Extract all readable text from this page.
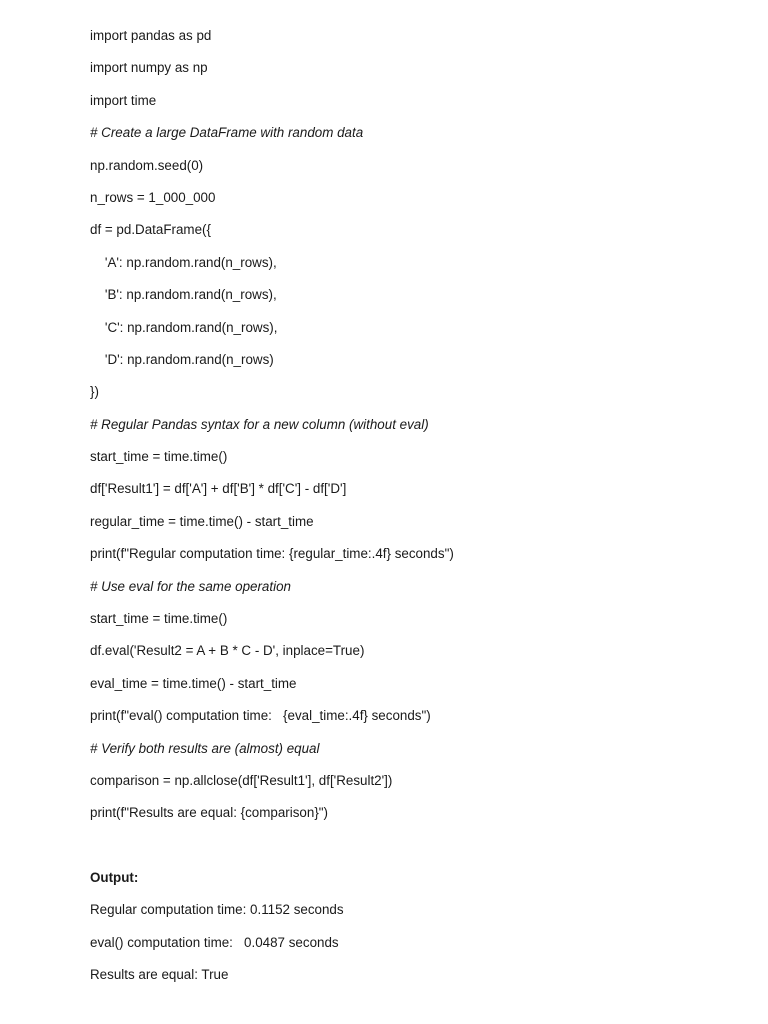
import pandas as pd
import numpy as np
import time
# Create a large DataFrame with random data
np.random.seed(0)
n_rows = 1_000_000
df = pd.DataFrame({
'A': np.random.rand(n_rows),
'B': np.random.rand(n_rows),
'C': np.random.rand(n_rows),
'D': np.random.rand(n_rows)
})
# Regular Pandas syntax for a new column (without eval)
start_time = time.time()
df['Result1'] = df['A'] + df['B'] * df['C'] - df['D']
regular_time = time.time() - start_time
print(f"Regular computation time: {regular_time:.4f} seconds")
# Use eval for the same operation
start_time = time.time()
df.eval('Result2 = A + B * C - D', inplace=True)
eval_time = time.time() - start_time
print(f"eval() computation time:   {eval_time:.4f} seconds")
# Verify both results are (almost) equal
comparison = np.allclose(df['Result1'], df['Result2'])
print(f"Results are equal: {comparison}")
Output:
Regular computation time: 0.1152 seconds
eval() computation time:   0.0487 seconds
Results are equal: True
